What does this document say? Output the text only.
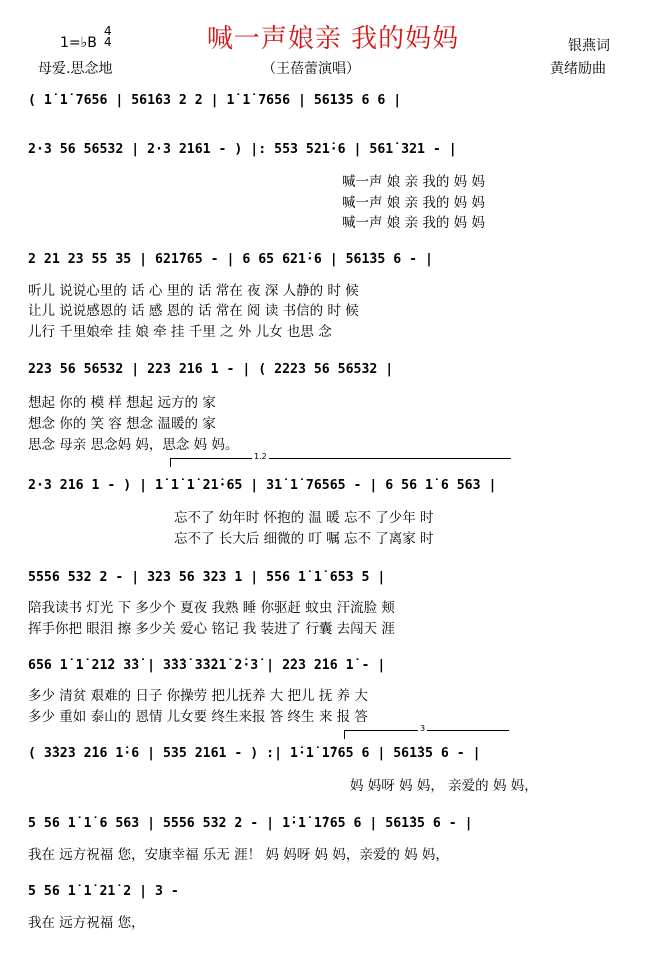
喊一声娘亲 我的妈妈
1=♭B
4
4	银燕词
母爱.思念地	（王蓓蕾演唱）	黄绪励曲
( 1̇ 1̇ 7656 | 561̇63 2 2 | 1̇ 1̇ 7656 | 561̇35 6 6 |
2·3 56 56532 | 2·3 2161 - ) |: 553 521̇·6 | 561̇ 321 - |
喊一声 娘 亲 我的 妈 妈
喊一声 娘 亲 我的 妈 妈
喊一声 娘 亲 我的 妈 妈
2 21 23 55 35 | 621̇765 - | 6 65 621̇·6 | 561̇35 6 - |
听儿 说说心里的 话 心 里的 话 常在 夜 深 人静的 时 候
让儿 说说感恩的 话 感 恩的 话 常在 阅 读 书信的 时 候
儿行 千里娘牵 挂 娘 牵 挂 千里 之 外 儿女 也思 念
223 56 56532 | 223 216 1 - | ( 2223 56 56532 |
想起 你的 模 样 想起 远方的 家
想念 你的 笑 容 想念 温暖的 家
思念 母亲 思念妈 妈，思念 妈 妈。
1.2
2·3 216 1 - ) | 1̇ 1̇ 1̇ 21̇·65 | 31̇ 1̇ 76565 - | 6 56 1̇ 6 563 |
忘不了 幼年时 怀抱的 温 暖 忘不 了少年 时
忘不了 长大后 细微的 叮 嘱 忘不 了离家 时
5556 532 2 - | 323 56 323 1 | 556 1̇ 1̇ 653 5 |
陪我读书 灯光 下 多少个 夏夜 我熟 睡 你驱赶 蚊虫 汗流脸 颊
挥手你把 眼泪 擦 多少关 爱心 铭记 我 装进了 行囊 去闯天 涯
656 1̇ 1̇ 21̇2 3̇3̇ | 3̇3̇3̇ 3̇3̇21̇ 2̇·3̇ | 2̇23 2̇16 1̇ - |
多少 清贫 艰难的 日子 你操劳 把儿抚养 大 把儿 抚 养 大
多少 重如 泰山的 恩情 儿女要 终生来报 答 终生 来 报 答
3
( 3̇323 2̇16 1̇·6 | 535 2161 - ) :| 1̇·1̇ 1̇765 6 | 561̇35 6 - |
妈 妈呀 妈 妈， 亲爱的 妈 妈，
5 56 1̇ 1̇ 6 563 | 5556 532 2 - | 1̇·1̇ 1̇765 6 | 561̇35 6 - |
我在 远方祝福 您，安康幸福 乐无 涯！ 妈 妈呀 妈 妈，亲爱的 妈 妈，
5 56 1̇ 1̇ 21̇ 2 | 3 -
我在 远方祝福 您，
